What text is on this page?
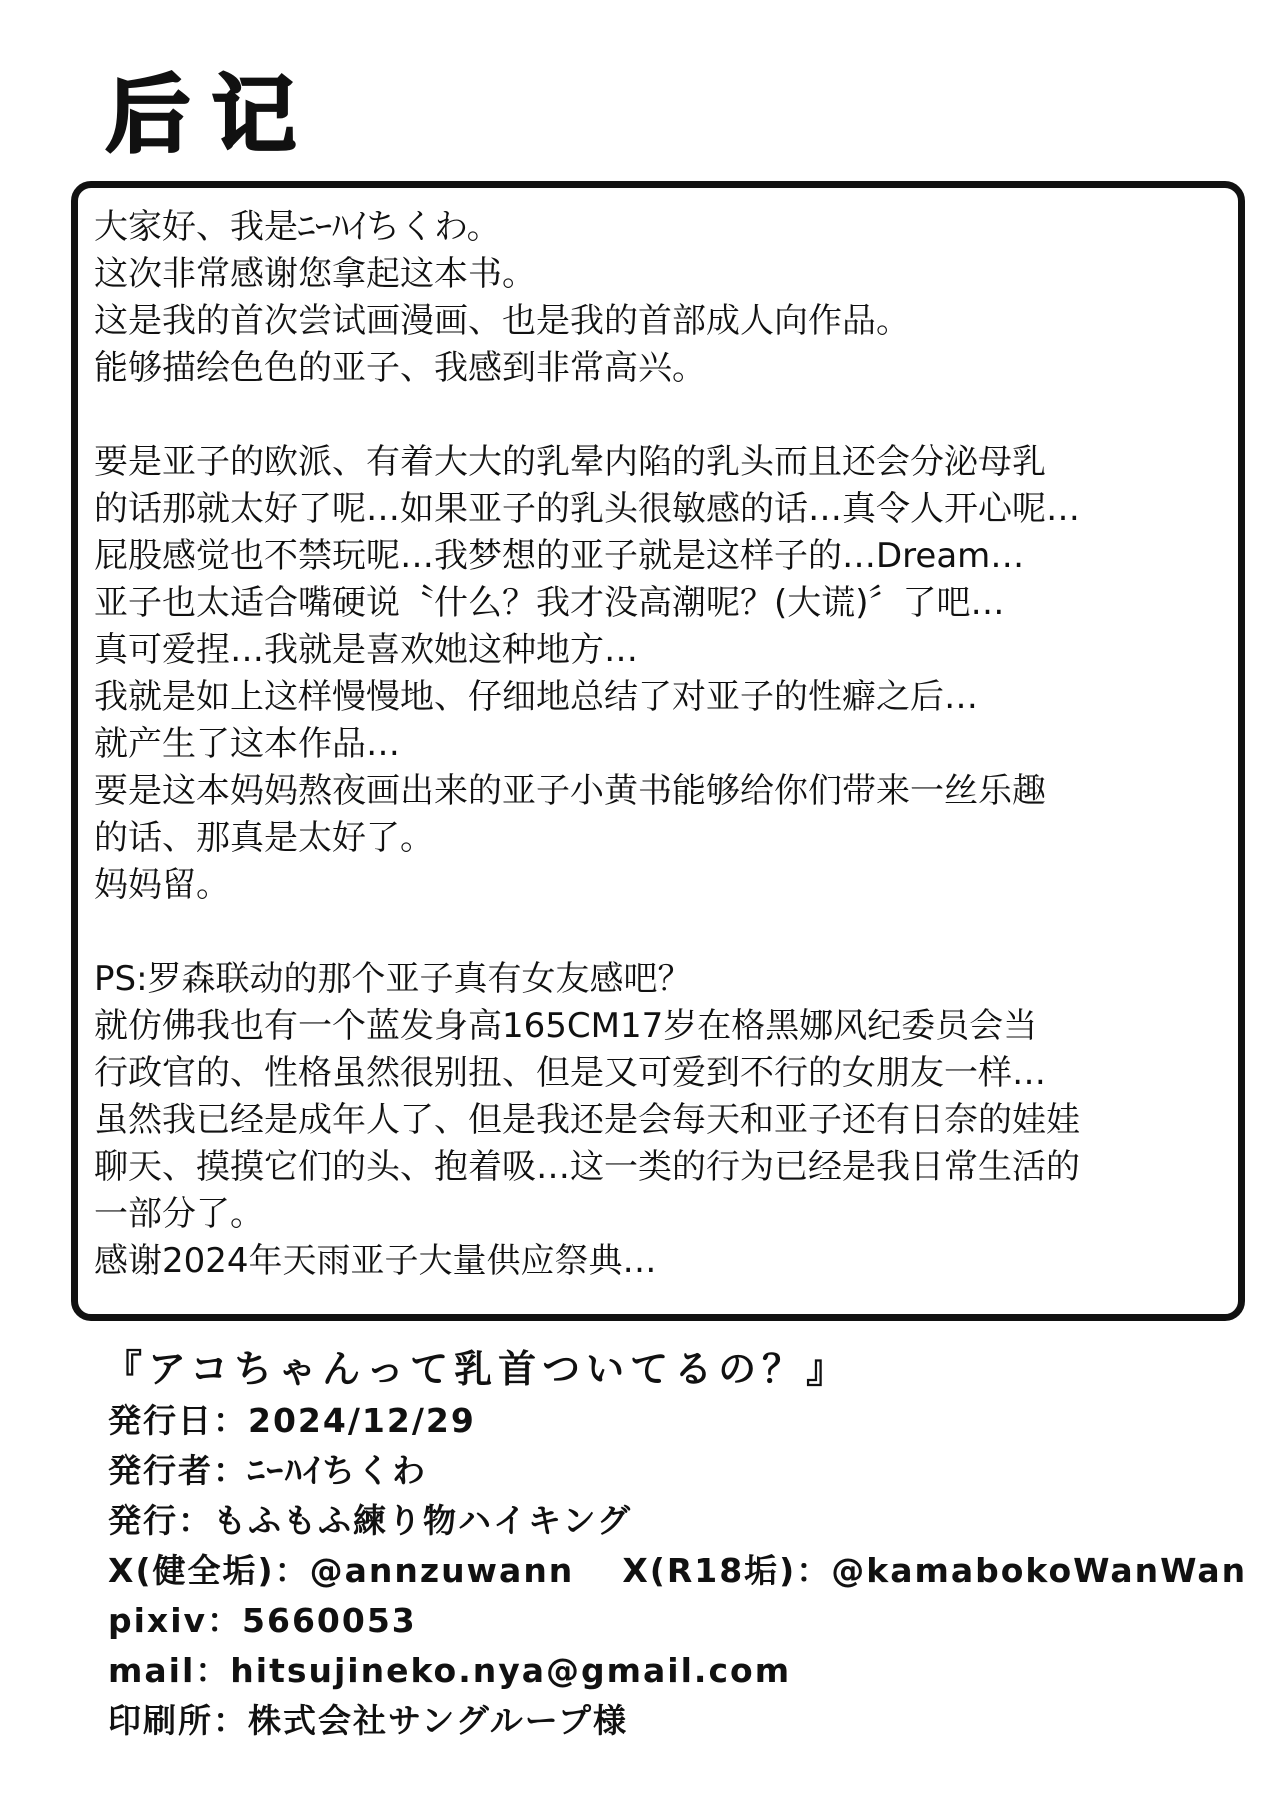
后记
大家好、我是ﾆｰﾊｲちくわ。
这次非常感谢您拿起这本书。
这是我的首次尝试画漫画、也是我的首部成人向作品。
能够描绘色色的亚子、我感到非常高兴。
要是亚子的欧派、有着大大的乳晕内陷的乳头而且还会分泌母乳
的话那就太好了呢…如果亚子的乳头很敏感的话…真令人开心呢…
屁股感觉也不禁玩呢…我梦想的亚子就是这样子的…Dream…
亚子也太适合嘴硬说〝什么？我才没高潮呢？(大谎)〞了吧…
真可爱捏…我就是喜欢她这种地方…
我就是如上这样慢慢地、仔细地总结了对亚子的性癖之后…
就产生了这本作品…
要是这本妈妈熬夜画出来的亚子小黄书能够给你们带来一丝乐趣
的话、那真是太好了。
妈妈留。
PS:罗森联动的那个亚子真有女友感吧？
就仿佛我也有一个蓝发身高165CM17岁在格黑娜风纪委员会当
行政官的、性格虽然很别扭、但是又可爱到不行的女朋友一样…
虽然我已经是成年人了、但是我还是会每天和亚子还有日奈的娃娃
聊天、摸摸它们的头、抱着吸…这一类的行为已经是我日常生活的
一部分了。
感谢2024年天雨亚子大量供应祭典…
『アコちゃんって乳首ついてるの？』
発行日：2024/12/29
発行者：ﾆｰﾊｲちくわ
発行：もふもふ練り物ハイキング
X(健全垢)：@annzuwann X(R18垢)：@kamabokoWanWan
pixiv：5660053
mail：hitsujineko.nya@gmail.com
印刷所：株式会社サングループ様
